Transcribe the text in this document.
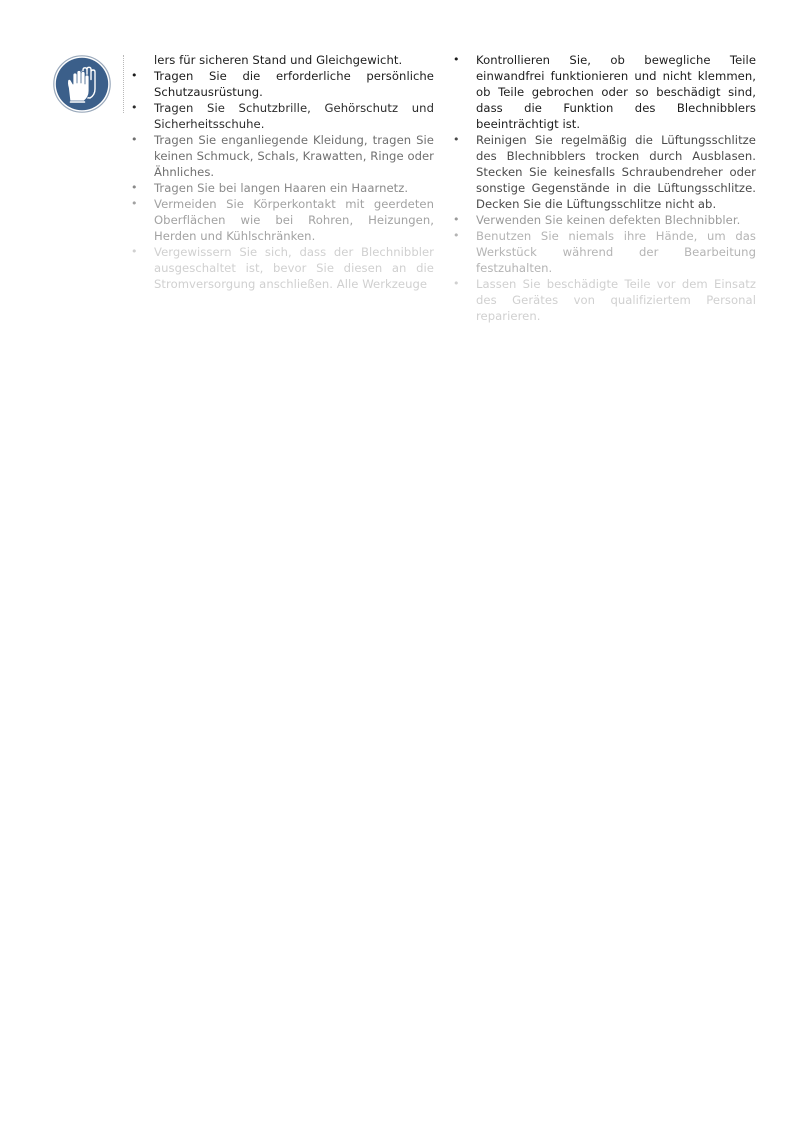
lers für sicheren Stand und Gleichgewicht.
• Tragen Sie die erforderliche persönliche Schutzausrüstung.
• Tragen Sie Schutzbrille, Gehörschutz und Sicherheitsschuhe.
• Tragen Sie enganliegende Kleidung, tragen Sie keinen Schmuck, Schals, Krawatten, Ringe oder Ähnliches.
• Tragen Sie bei langen Haaren ein Haarnetz.
• Vermeiden Sie Körperkontakt mit geerdeten Oberflächen wie bei Rohren, Heizungen, Herden und Kühlschränken.
• Vergewissern Sie sich, dass der Blechnibbler ausgeschaltet ist, bevor Sie diesen an die Stromversorgung anschließen. Alle Werkzeuge
• Kontrollieren Sie, ob bewegliche Teile einwandfrei funktionieren und nicht klemmen, ob Teile gebrochen oder so beschädigt sind, dass die Funktion des Blechnibblers beeinträchtigt ist.
• Reinigen Sie regelmäßig die Lüftungsschlitze des Blechnibblers trocken durch Ausblasen. Stecken Sie keinesfalls Schraubendreher oder sonstige Gegenstände in die Lüftungsschlitze. Decken Sie die Lüftungsschlitze nicht ab.
• Verwenden Sie keinen defekten Blechnibbler.
• Benutzen Sie niemals ihre Hände, um das Werkstück während der Bearbeitung festzuhalten.
• Lassen Sie beschädigte Teile vor dem Einsatz des Gerätes von qualifiziertem Personal reparieren.
